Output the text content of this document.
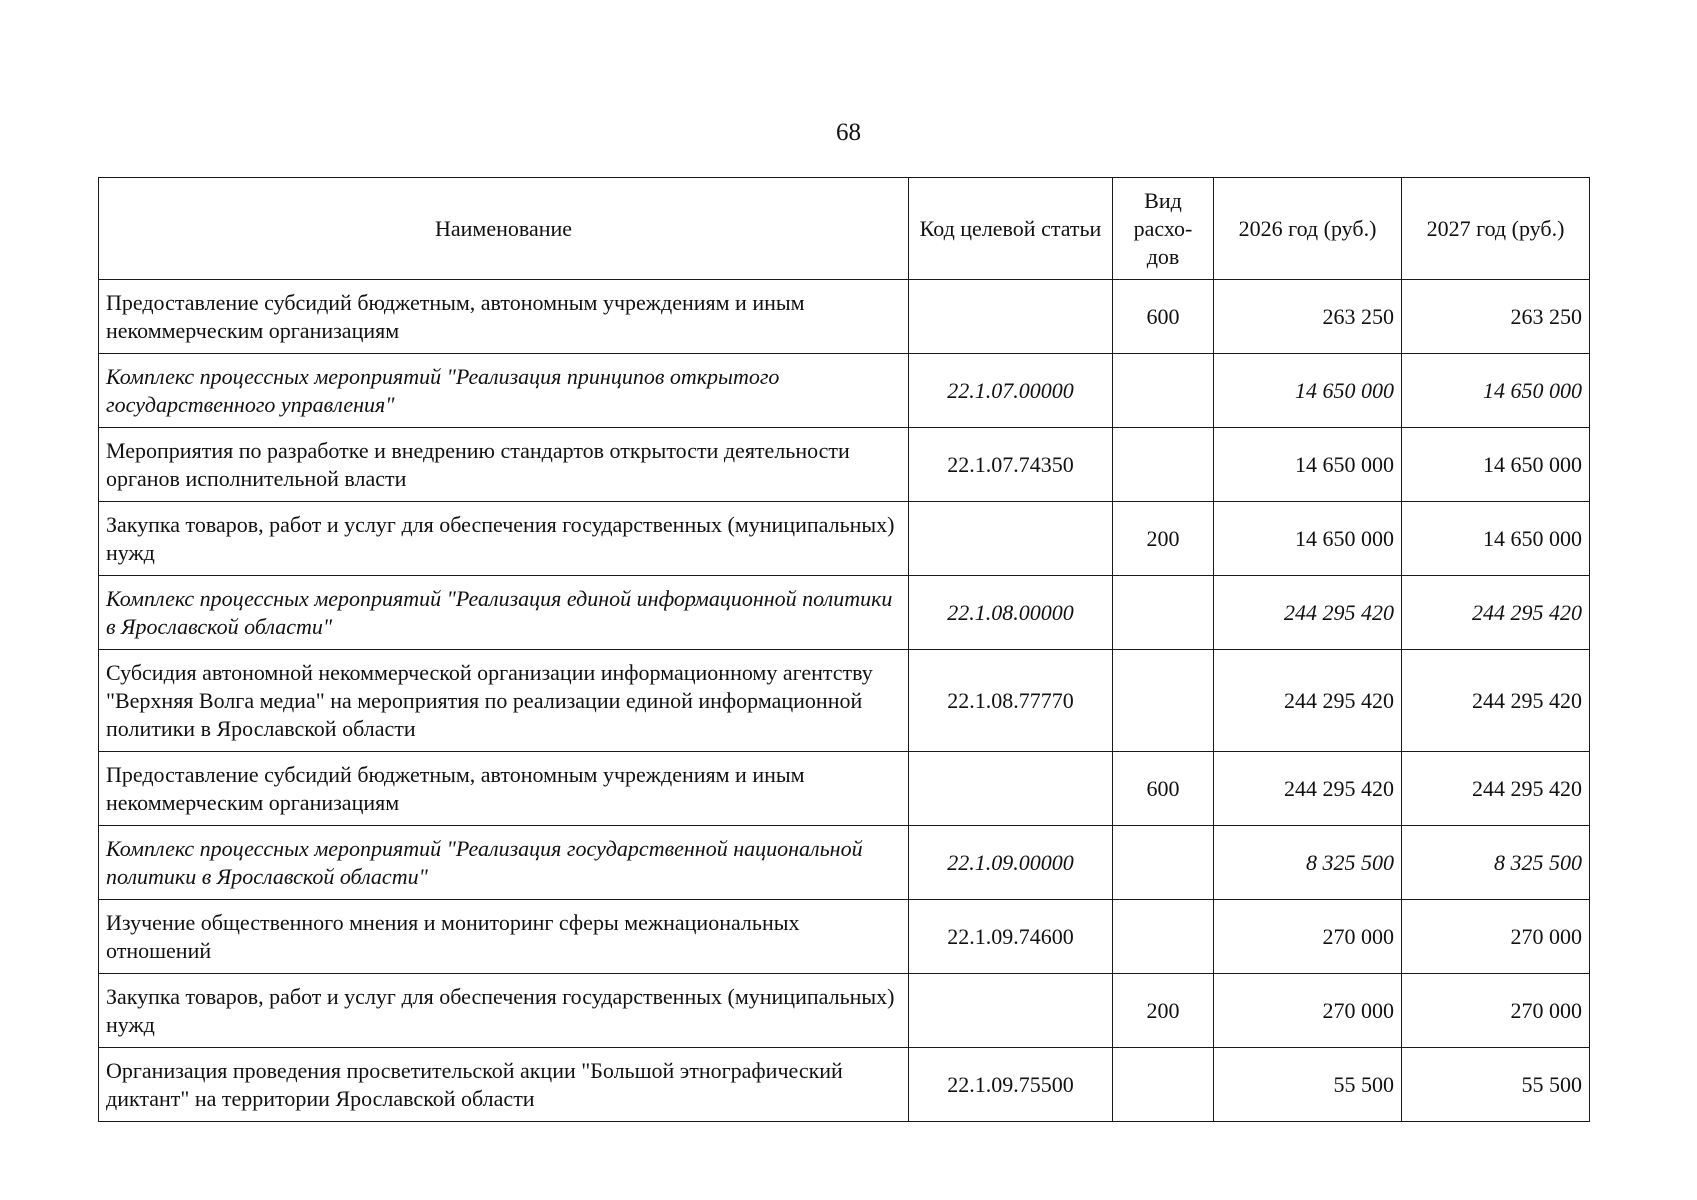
68
Наименование	Код целевой статьи	Вид расхо- дов	2026 год (руб.)	2027 год (руб.)
Предоставление субсидий бюджетным, автономным учреждениям и иным некоммерческим организациям		600	263 250	263 250
Комплекс процессных мероприятий "Реализация принципов открытого государственного управления"	22.1.07.00000		14 650 000	14 650 000
Мероприятия по разработке и внедрению стандартов открытости деятельности органов исполнительной власти	22.1.07.74350		14 650 000	14 650 000
Закупка товаров, работ и услуг для обеспечения государственных (муниципальных) нужд		200	14 650 000	14 650 000
Комплекс процессных мероприятий "Реализация единой информационной политики в Ярославской области"	22.1.08.00000		244 295 420	244 295 420
Субсидия автономной некоммерческой организации информационному агентству "Верхняя Волга медиа" на мероприятия по реализации единой информационной политики в Ярославской области	22.1.08.77770		244 295 420	244 295 420
Предоставление субсидий бюджетным, автономным учреждениям и иным некоммерческим организациям		600	244 295 420	244 295 420
Комплекс процессных мероприятий "Реализация государственной национальной политики в Ярославской области"	22.1.09.00000		8 325 500	8 325 500
Изучение общественного мнения и мониторинг сферы межнациональных отношений	22.1.09.74600		270 000	270 000
Закупка товаров, работ и услуг для обеспечения государственных (муниципальных) нужд		200	270 000	270 000
Организация проведения просветительской акции "Большой этнографический диктант" на территории Ярославской области	22.1.09.75500		55 500	55 500
